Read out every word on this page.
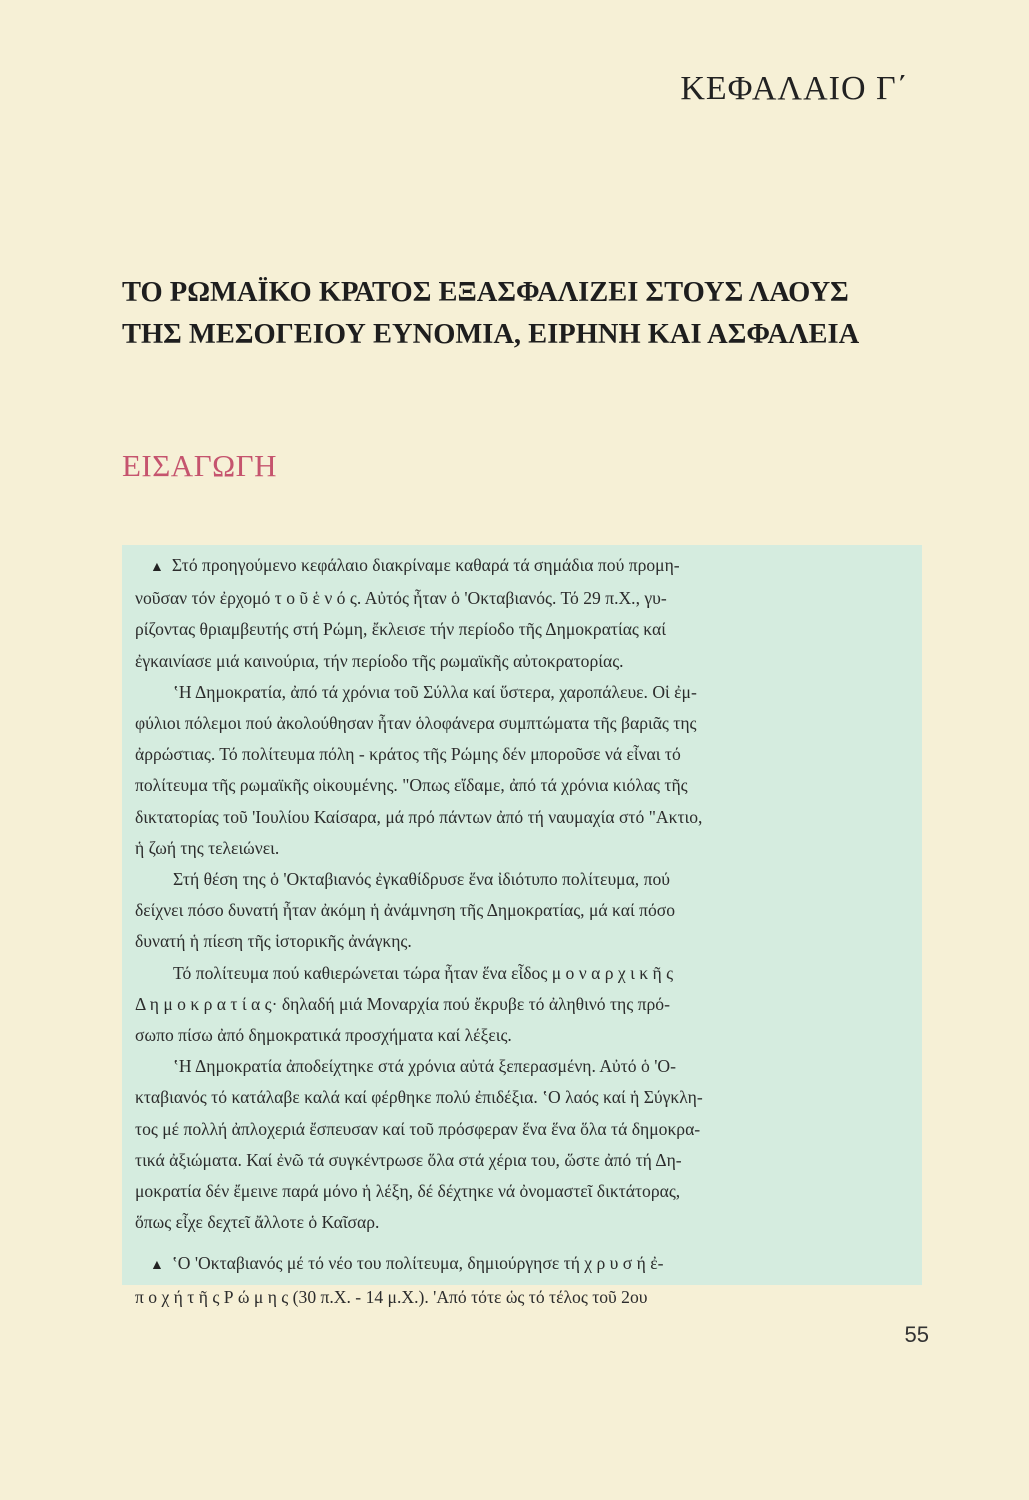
ΚΕΦΑΛΑΙΟ Γ΄
ΤΟ ΡΩΜΑΪΚΟ ΚΡΑΤΟΣ ΕΞΑΣΦΑΛΙΖΕΙ ΣΤΟΥΣ ΛΑΟΥΣ
ΤΗΣ ΜΕΣΟΓΕΙΟΥ ΕΥΝΟΜΙΑ, ΕΙΡΗΝΗ ΚΑΙ ΑΣΦΑΛΕΙΑ
ΕΙΣΑΓΩΓΗ
▲ Στό προηγούμενο κεφάλαιο διακρίναμε καθαρά τά σημάδια πού προμη-
νοῦσαν τόν ἐρχομό τ ο ῦ ἑ ν ό ς. Αὐτός ἦταν ὁ 'Οκταβιανός. Τό 29 π.Χ., γυ-
ρίζοντας θριαμβευτής στή Ρώμη, ἔκλεισε τήν περίοδο τῆς Δημοκρατίας καί
ἐγκαινίασε μιά καινούρια, τήν περίοδο τῆς ρωμαϊκῆς αὐτοκρατορίας.
ʽΗ Δημοκρατία, ἀπό τά χρόνια τοῦ Σύλλα καί ὕστερα, χαροπάλευε. Οἱ ἐμ-
φύλιοι πόλεμοι πού ἀκολούθησαν ἦταν ὁλοφάνερα συμπτώματα τῆς βαριᾶς της
ἀρρώστιας. Τό πολίτευμα πόλη - κράτος τῆς Ρώμης δέν μποροῦσε νά εἶναι τό
πολίτευμα τῆς ρωμαϊκῆς οἰκουμένης. "Οπως εἴδαμε, ἀπό τά χρόνια κιόλας τῆς
δικτατορίας τοῦ 'Ιουλίου Καίσαρα, μά πρό πάντων ἀπό τή ναυμαχία στό "Ακτιο,
ἡ ζωή της τελειώνει.
Στή θέση της ὁ 'Οκταβιανός ἐγκαθίδρυσε ἕνα ἰδιότυπο πολίτευμα, πού
δείχνει πόσο δυνατή ἦταν ἀκόμη ἡ ἀνάμνηση τῆς Δημοκρατίας, μά καί πόσο
δυνατή ἡ πίεση τῆς ἱστορικῆς ἀνάγκης.
Τό πολίτευμα πού καθιερώνεται τώρα ἦταν ἕνα εἶδος μ ο ν α ρ χ ι κ ῆ ς
Δ η μ ο κ ρ α τ ί α ς· δηλαδή μιά Μοναρχία πού ἔκρυβε τό ἀληθινό της πρό-
σωπο πίσω ἀπό δημοκρατικά προσχήματα καί λέξεις.
ʽΗ Δημοκρατία ἀποδείχτηκε στά χρόνια αὐτά ξεπερασμένη. Αὐτό ὁ 'Ο-
κταβιανός τό κατάλαβε καλά καί φέρθηκε πολύ ἐπιδέξια. ʽΟ λαός καί ἡ Σύγκλη-
τος μέ πολλή ἀπλοχεριά ἔσπευσαν καί τοῦ πρόσφεραν ἕνα ἕνα ὅλα τά δημοκρα-
τικά ἀξιώματα. Καί ἐνῶ τά συγκέντρωσε ὅλα στά χέρια του, ὥστε ἀπό τή Δη-
μοκρατία δέν ἔμεινε παρά μόνο ἡ λέξη, δέ δέχτηκε νά ὀνομαστεῖ δικτάτορας,
ὅπως εἶχε δεχτεῖ ἄλλοτε ὁ Καῖσαρ.
▲ ʽΟ 'Οκταβιανός μέ τό νέο του πολίτευμα, δημιούργησε τή χ ρ υ σ ή ἐ-
π ο χ ή τ ῆ ς Ρ ώ μ η ς (30 π.Χ. - 14 μ.Χ.). 'Από τότε ὡς τό τέλος τοῦ 2ου
55
